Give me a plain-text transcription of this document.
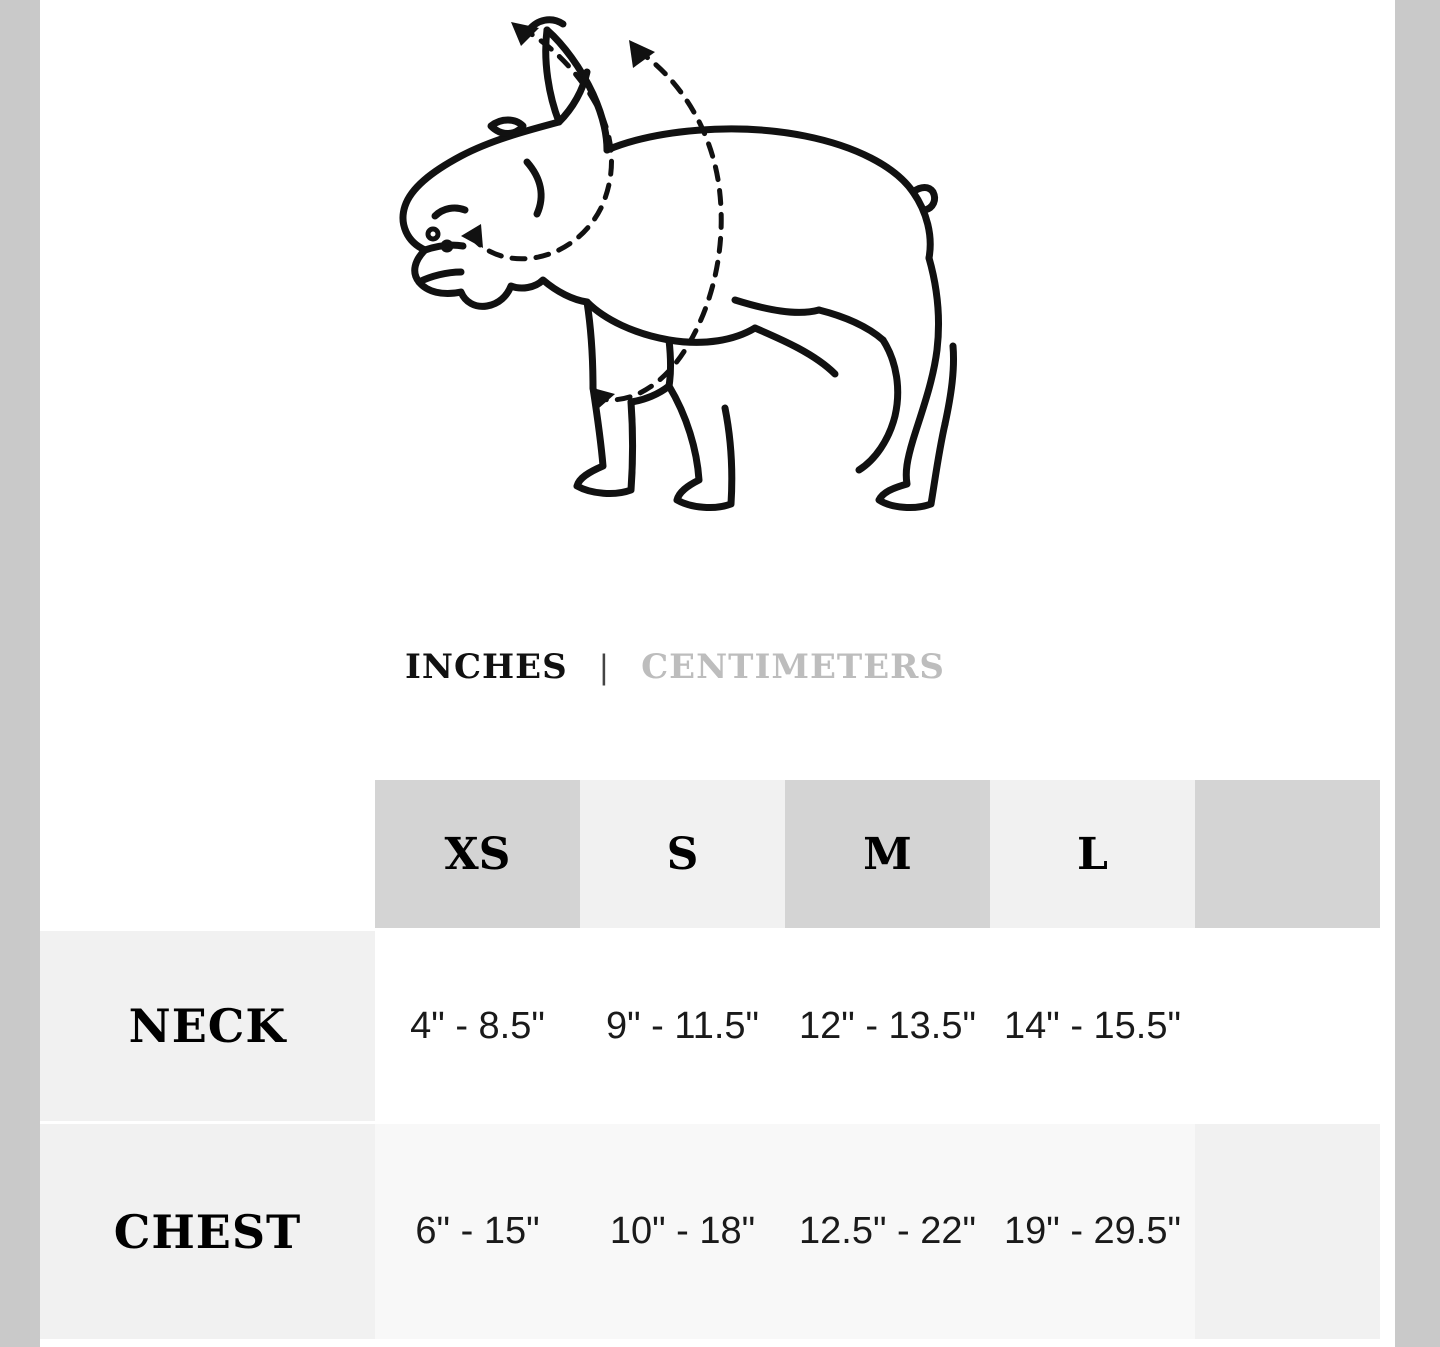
INCHES | CENTIMETERS
	XS	S	M	L	
NECK	4" - 8.5"	9" - 11.5"	12" - 13.5"	14" - 15.5"	
CHEST	6" - 15"	10" - 18"	12.5" - 22"	19" - 29.5"	
